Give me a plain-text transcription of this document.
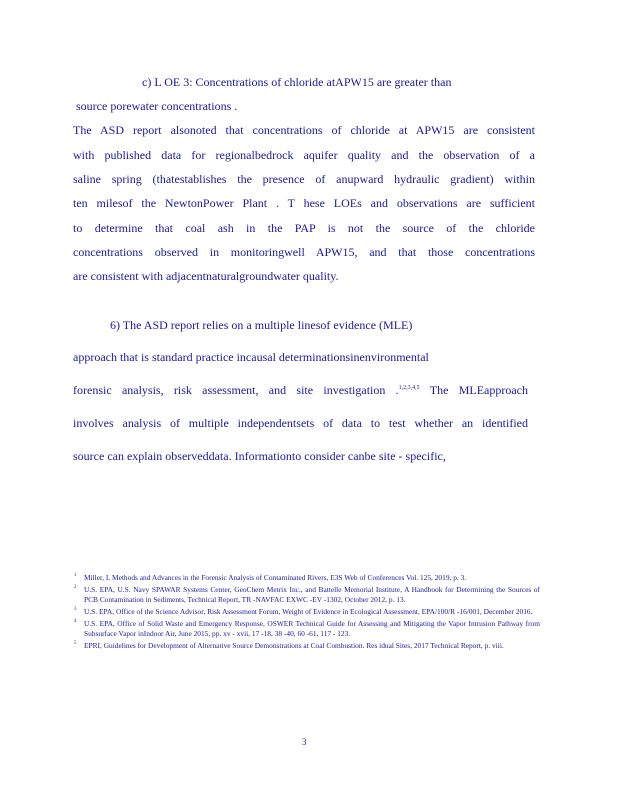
c) L OE 3: Concentrations of chloride atAPW15 are greater than
source porewater concentrations .
The ASD report alsonoted that concentrations of chloride at APW15 are consistent
with published data for regionalbedrock aquifer quality and the observation of a
saline spring (thatestablishes the presence of anupward hydraulic gradient) within
ten milesof the NewtonPower Plant . T hese LOEs and observations are sufficient
to determine that coal ash in the PAP is not the source of the chloride
concentrations observed in monitoringwell APW15, and that those concentrations
are consistent with adjacentnaturalgroundwater quality.
6) The ASD report relies on a multiple linesof evidence (MLE)
approach that is standard practice incausal determinationsinenvironmental
forensic analysis, risk assessment, and site investigation .$^{1,2,3,4,5}$ The MLEapproach
involves analysis of multiple independentsets of data to test whether an identified
source can explain observeddata. Informationto consider canbe site - specific,
1 Miller, I. Methods and Advances in the Forensic Analysis of Contaminated Rivers, E3S Web of Conferences Vol. 125, 2019, p. 3.
2 U.S. EPA, U.S. Navy SPAWAR Systems Center, GeoChem Metrix Inc., and Battelle Memorial Institute, A Handbook for Determining the Sources of PCB Contamination in Sediments, Technical Report, TR -NAVFAC EXWC -EV -1302, October 2012, p. 13.
3 U.S. EPA, Office of the Science Advisor, Risk Assessment Forum, Weight of Evidence in Ecological Assessment, EPA/100/R -16/001, December 2016.
4 U.S. EPA, Office of Solid Waste and Emergency Response, OSWER Technical Guide for Assessing and Mitigating the Vapor Intrusion Pathway from Subsurface Vapor inIndoor Air, June 2015, pp. xv - xvii, 17 -18, 38 -40, 60 -61, 117 - 123.
5 EPRI, Guidelines for Development of Alternative Source Demonstrations at Coal Combustion. Res idual Sites, 2017 Technical Report, p. viii.
3
